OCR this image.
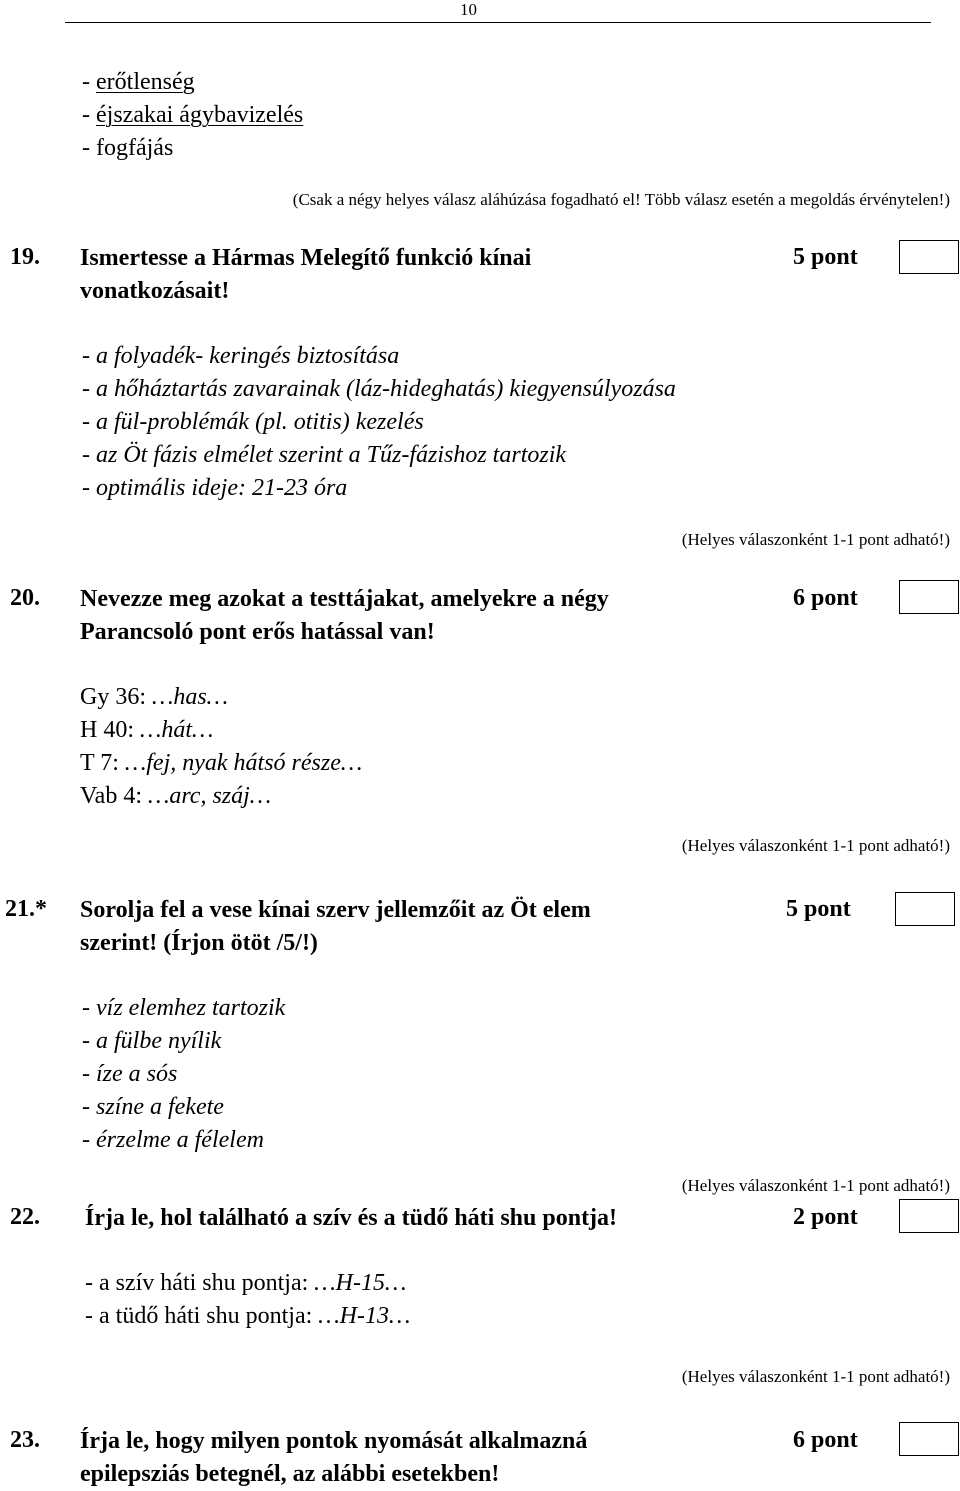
10
- erőtlenség
- éjszakai ágybavizelés
- fogfájás
(Csak a négy helyes válasz aláhúzása fogadható el! Több válasz esetén a megoldás érvénytelen!)
19. Ismertesse a Hármas Melegítő funkció kínai
vonatkozásait!
5 pont
- a folyadék- keringés biztosítása
- a hőháztartás zavarainak (láz-hideghatás) kiegyensúlyozása
- a fül-problémák (pl. otitis) kezelés
- az Öt fázis elmélet szerint a Tűz-fázishoz tartozik
- optimális ideje: 21-23 óra
(Helyes válaszonként 1-1 pont adható!)
20. Nevezze meg azokat a testtájakat, amelyekre a négy
Parancsoló pont erős hatással van!
6 pont
Gy 36: …has…
H 40: …hát…
T 7: …fej, nyak hátsó része…
Vab 4: …arc, száj…
(Helyes válaszonként 1-1 pont adható!)
21.* Sorolja fel a vese kínai szerv jellemzőit az Öt elem
szerint! (Írjon ötöt /5/!)
5 pont
- víz elemhez tartozik
- a fülbe nyílik
- íze a sós
- színe a fekete
- érzelme a félelem
(Helyes válaszonként 1-1 pont adható!)
22. Írja le, hol található a szív és a tüdő háti shu pontja!	2 pont
- a szív háti shu pontja: …H-15…
- a tüdő háti shu pontja: …H-13…
(Helyes válaszonként 1-1 pont adható!)
23. Írja le, hogy milyen pontok nyomását alkalmazná
epilepsziás betegnél, az alábbi esetekben!
6 pont
